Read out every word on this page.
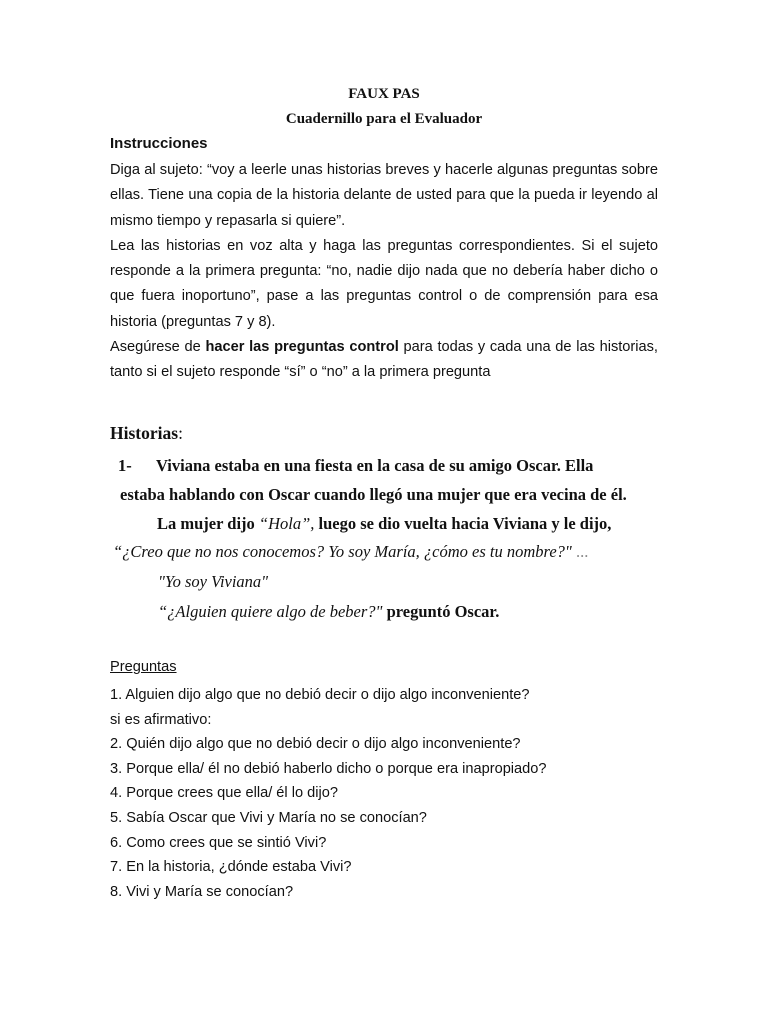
FAUX PAS
Cuadernillo para el Evaluador
Instrucciones

Diga al sujeto: “voy a leerle unas historias breves y hacerle algunas preguntas sobre ellas. Tiene una copia de la historia delante de usted para que la pueda ir leyendo al mismo tiempo y repasarla si quiere”.

Lea las historias en voz alta y haga las preguntas correspondientes. Si el sujeto responde a la primera pregunta: “no, nadie dijo nada que no debería haber dicho o que fuera inoportuno”, pase a las preguntas control o de comprensión para esa historia (preguntas 7 y 8).

Asegúrese de hacer las preguntas control para todas y cada una de las historias, tanto si el sujeto responde “sí” o “no” a la primera pregunta

Historias:
1- Viviana estaba en una fiesta en la casa de su amigo Oscar. Ella
estaba hablando con Oscar cuando llegó una mujer que era vecina de él.
La mujer dijo “Hola”, luego se dio vuelta hacia Viviana y le dijo,
“¿Creo que no nos conocemos? Yo soy María, ¿cómo es tu nombre?" ...
"Yo soy Viviana"
“¿Alguien quiere algo de beber?" preguntó Oscar.
Preguntas
1. Alguien dijo algo que no debió decir o dijo algo inconveniente?
si es afirmativo:
2. Quién dijo algo que no debió decir o dijo algo inconveniente?
3. Porque ella/ él no debió haberlo dicho o porque era inapropiado?
4. Porque crees que ella/ él lo dijo?
5. Sabía Oscar que Vivi y María no se conocían?
6. Como crees que se sintió Vivi?
7. En la historia, ¿dónde estaba Vivi?
8. Vivi y María se conocían?
